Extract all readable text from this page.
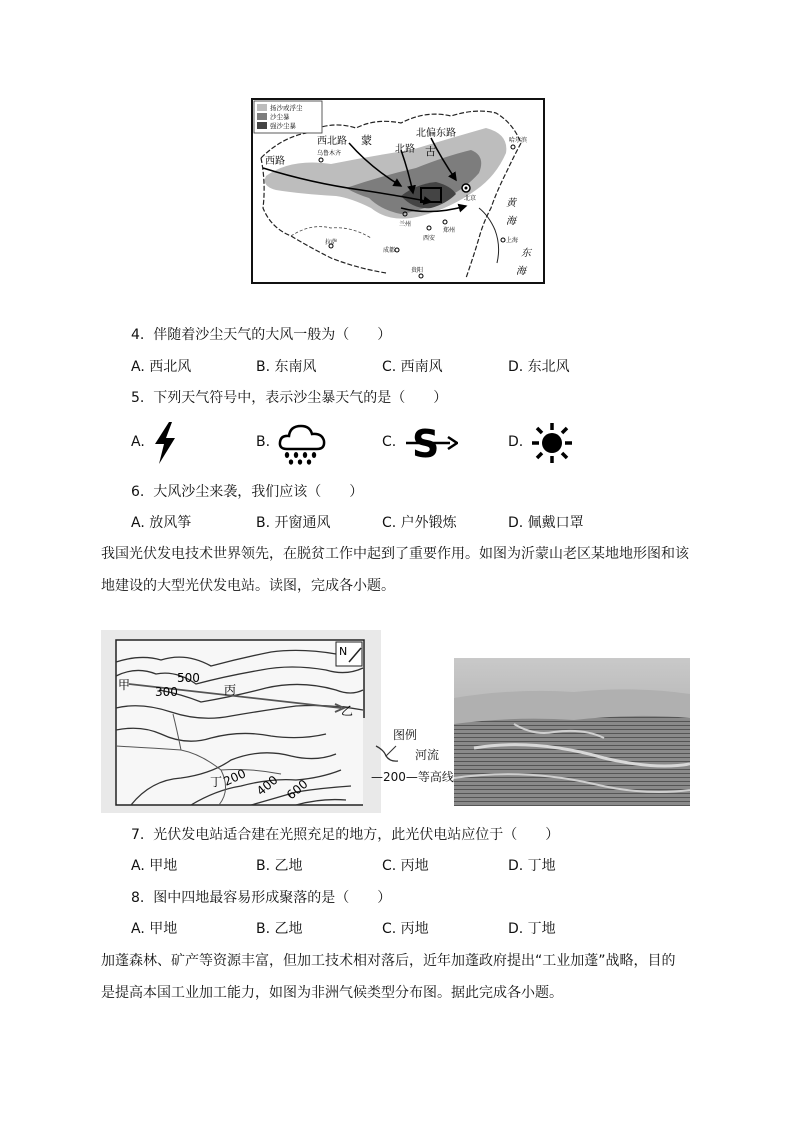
扬沙或浮尘
沙尘暴
强沙尘暴
西北路 蒙
北偏东路
北路 古
西路
乌鲁木齐
哈尔滨
北京
兰州
西安
郑州
拉萨
成都
贵阳
上海
黄
海
东
海
4. 伴随着沙尘天气的大风一般为（　　）
A. 西北风	B. 东南风	C. 西南风	D. 东北风
5. 下列天气符号中，表示沙尘暴天气的是（　　）
A.	B.	C. S	D.
6. 大风沙尘来袭，我们应该（　　）
A. 放风筝	B. 开窗通风	C. 户外锻炼	D. 佩戴口罩
我国光伏发电技术世界领先，在脱贫工作中起到了重要作用。如图为沂蒙山老区某地地形图和该
地建设的大型光伏发电站。读图，完成各小题。
N
500
300
200 400 600
甲
乙
丙
丁
图例
河流
—200—等高线
7. 光伏发电站适合建在光照充足的地方，此光伏电站应位于（　　）
A. 甲地	B. 乙地	C. 丙地	D. 丁地
8. 图中四地最容易形成聚落的是（　　）
A. 甲地	B. 乙地	C. 丙地	D. 丁地
加蓬森林、矿产等资源丰富，但加工技术相对落后，近年加蓬政府提出“工业加蓬”战略，目的
是提高本国工业加工能力，如图为非洲气候类型分布图。据此完成各小题。
